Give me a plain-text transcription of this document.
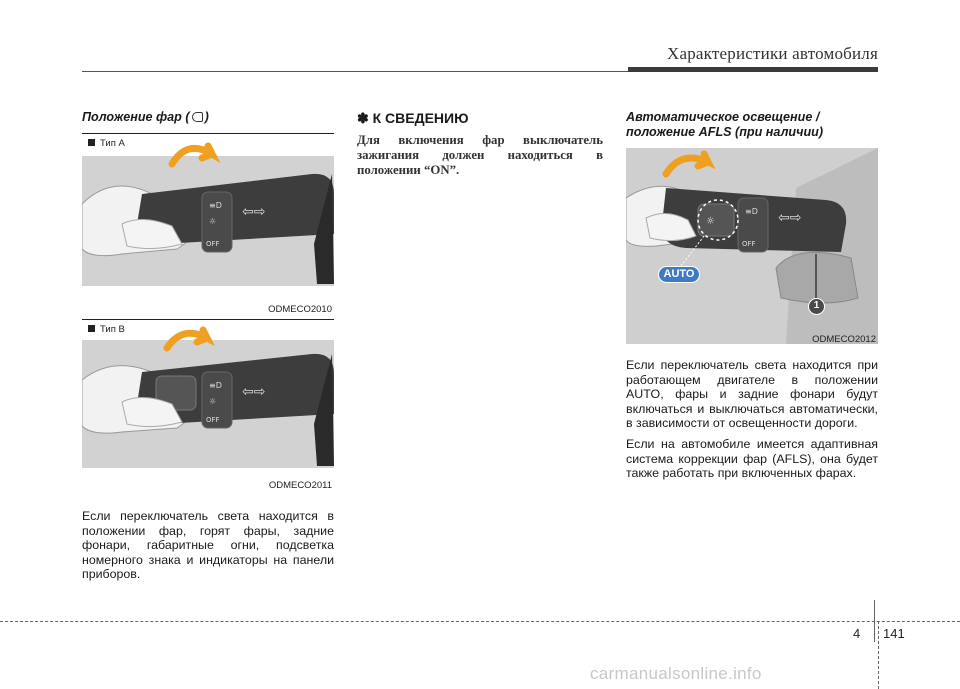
Характеристики автомобиля
Положение фар ( )
Тип A
≡D
☼
OFF
⇦⇨
ODMECO2010
Тип B
≡D
☼
OFF
⇦⇨
ODMECO2011
Если переключатель света находится в положении фар, горят фары, задние фонари, габаритные огни, подсветка номерного знака и индикаторы на панели приборов.
✽ К СВЕДЕНИЮ
Для включения фар выключатель зажигания должен находиться в положении “ON”.
Автоматическое освещение / положение AFLS (при наличии)
☼
≡D
OFF
⇦⇨
AUTO
1
ODMECO2012
Если переключатель света находится при работающем двигателе в положении AUTO, фары и задние фонари будут включаться и выключаться автоматически, в зависимости от освещенности дороги.
Если на автомобиле имеется адаптивная система коррекции фар (AFLS), она будет также работать при включенных фарах.
4 141
carmanualsonline.info
